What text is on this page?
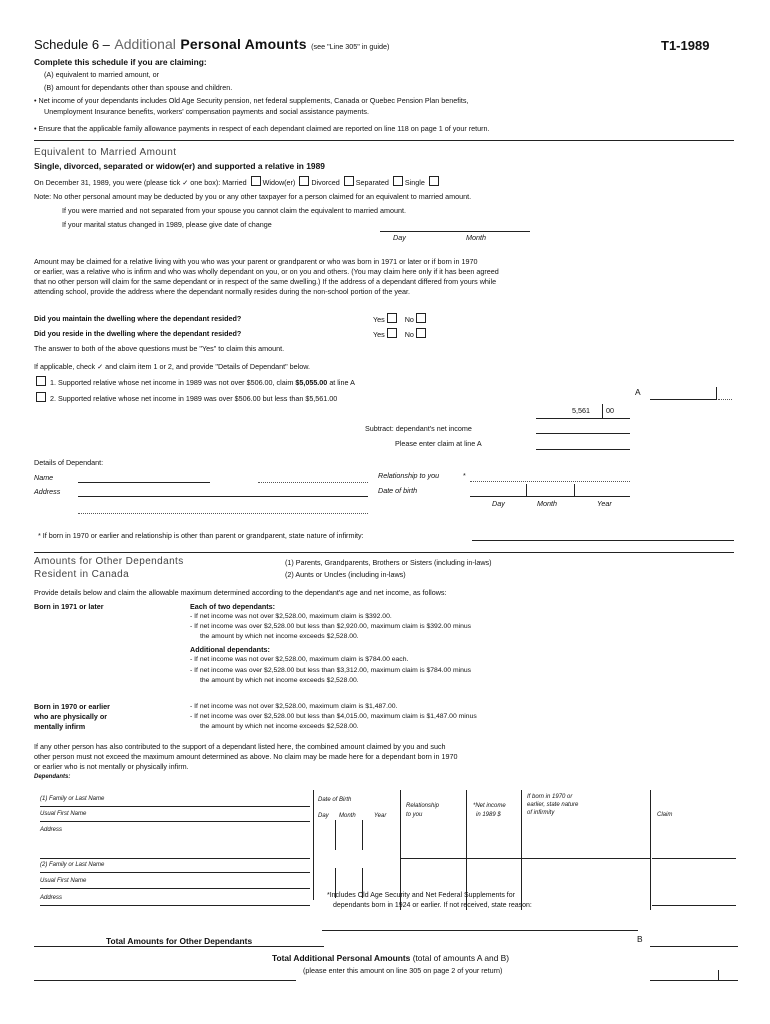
Schedule 6 – Additional Personal Amounts (see "Line 305" in guide)	T1-1989
Complete this schedule if you are claiming:
(A) equivalent to married amount, or
(B) amount for dependants other than spouse and children.
• Net income of your dependants includes Old Age Security pension, net federal supplements, Canada or Quebec Pension Plan benefits,
Unemployment Insurance benefits, workers' compensation payments and social assistance payments.
• Ensure that the applicable family allowance payments in respect of each dependant claimed are reported on line 118 on page 1 of your return.
Equivalent to Married Amount
Single, divorced, separated or widow(er) and supported a relative in 1989
On December 31, 1989, you were (please tick ✓ one box): Married Widow(er) Divorced Separated Single
Note: No other personal amount may be deducted by you or any other taxpayer for a person claimed for an equivalent to married amount.
If you were married and not separated from your spouse you cannot claim the equivalent to married amount.
If your marital status changed in 1989, please give date of change
Day	Month
Amount may be claimed for a relative living with you who was your parent or grandparent or who was born in 1971 or later or if born in 1970
or earlier, was a relative who is infirm and who was wholly dependant on you, or on you and others. (You may claim here only if it has been agreed
that no other person will claim for the same dependant or in respect of the same dwelling.) If the address of a dependant differed from yours while
attending school, provide the address where the dependant normally resides during the non-school portion of the year.
Did you maintain the dwelling where the dependant resided?	Yes	No
Did you reside in the dwelling where the dependant resided?	Yes	No
The answer to both of the above questions must be "Yes" to claim this amount.
If applicable, check ✓ and claim item 1 or 2, and provide "Details of Dependant" below.
1. Supported relative whose net income in 1989 was not over $506.00, claim $5,055.00 at line A
2. Supported relative whose net income in 1989 was over $506.00 but less than $5,561.00
A
5,561 00
Subtract: dependant's net income
Please enter claim at line A
Details of Dependant:
Name
Address
Relationship to you	*
Date of birth
Day	Month	Year
* If born in 1970 or earlier and relationship is other than parent or grandparent, state nature of infirmity:
Amounts for Other Dependants
Resident in Canada
(1) Parents, Grandparents, Brothers or Sisters (including in-laws)
(2) Aunts or Uncles (including in-laws)
Provide details below and claim the allowable maximum determined according to the dependant's age and net income, as follows:
Born in 1971 or later	Each of two dependants:
- If net income was not over $2,528.00, maximum claim is $392.00.
- If net income was over $2,528.00 but less than $2,920.00, maximum claim is $392.00 minus
the amount by which net income exceeds $2,528.00.
Additional dependants:
- If net income was not over $2,528.00, maximum claim is $784.00 each.
- If net income was over $2,528.00 but less than $3,312.00, maximum claim is $784.00 minus
the amount by which net income exceeds $2,528.00.
Born in 1970 or earlier
who are physically or
mentally infirm
- If net income was not over $2,528.00, maximum claim is $1,487.00.
- If net income was over $2,528.00 but less than $4,015.00, maximum claim is $1,487.00 minus
the amount by which net income exceeds $2,528.00.
If any other person has also contributed to the support of a dependant listed here, the combined amount claimed by you and such
other person must not exceed the maximum amount determined as above. No claim may be made here for a dependant born in 1970
or earlier who is not mentally or physically infirm.
Dependants:
(1) Family or Last Name
Usual First Name
Address
(2) Family or Last Name
Usual First Name
Address
Date of Birth
Day Month	Year
Relationship
to you
*Net income
in 1989 $
If born in 1970 or
earlier, state nature
of infirmity	Claim
*Includes Old Age Security and Net Federal Supplements for
dependants born in 1924 or earlier. If not received, state reason:
Total Amounts for Other Dependants	B
Total Additional Personal Amounts (total of amounts A and B)
(please enter this amount on line 305 on page 2 of your return)
